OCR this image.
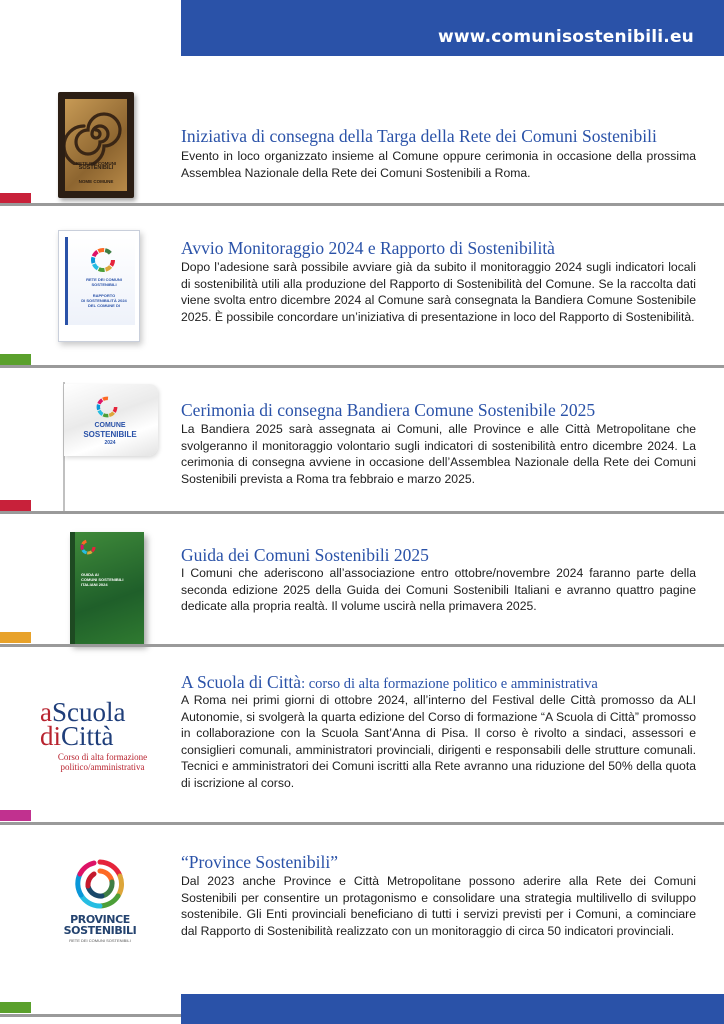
www.comunisostenibili.eu
RETE DEI COMUNI
SOSTENIBILI
NOME COMUNE
Iniziativa di consegna della Targa della Rete dei Comuni Sostenibili
Evento in loco organizzato insieme al Comune oppure cerimonia in occasione della prossima Assemblea Nazionale della Rete dei Comuni Sostenibili a Roma.
RETE DEI COMUNI
SOSTENIBILI
RAPPORTO
DI SOSTENIBILITÀ 2024
DEL COMUNE DI
Avvio Monitoraggio 2024 e Rapporto di Sostenibilità
Dopo l’adesione sarà possibile avviare già da subito il monitoraggio 2024 sugli indicatori locali di sostenibilità utili alla produzione del Rapporto di Sostenibilità del Comune. Se la raccolta dati viene svolta entro dicembre 2024 al Comune sarà consegnata la Bandiera Comune Sostenibile 2025. È possibile concordare un’iniziativa di presentazione in loco del Rapporto di Sostenibilità.
COMUNE
SOSTENIBILE
2024
Cerimonia di consegna Bandiera Comune Sostenibile 2025
La Bandiera 2025 sarà assegnata ai Comuni, alle Province e alle Città Metropolitane che svolgeranno il monitoraggio volontario sugli indicatori di sostenibilità entro dicembre 2024. La cerimonia di consegna avviene in occasione dell’Assemblea Nazionale della Rete dei Comuni Sostenibili prevista a Roma tra febbraio e marzo 2025.
GUIDA AI
COMUNI SOSTENIBILI
ITALIANI 2024
Guida dei Comuni Sostenibili 2025
I Comuni che aderiscono all’associazione entro ottobre/novembre 2024 faranno parte della seconda edizione 2025 della Guida dei Comuni Sostenibili Italiani e avranno quattro pagine dedicate alla propria realtà. Il volume uscirà nella primavera 2025.
aScuola
diCittà
Corso di alta formazione
politico/amministrativa
A Scuola di Città: corso di alta formazione politico e amministrativa
A Roma nei primi giorni di ottobre 2024, all’interno del Festival delle Città promosso da ALI Autonomie, si svolgerà la quarta edizione del Corso di formazione “A Scuola di Città” promosso in collaborazione con la Scuola Sant’Anna di Pisa. Il corso è rivolto a sindaci, assessori e consiglieri comunali, amministratori provinciali, dirigenti e responsabili delle strutture comunali. Tecnici e amministratori dei Comuni iscritti alla Rete avranno una riduzione del 50% della quota di iscrizione al corso.
PROVINCE
SOSTENIBILI
RETE DEI COMUNI SOSTENIBILI
“Province Sostenibili”
Dal 2023 anche Province e Città Metropolitane possono aderire alla Rete dei Comuni Sostenibili per consentire un protagonismo e consolidare una strategia multilivello di sviluppo sostenibile. Gli Enti provinciali beneficiano di tutti i servizi previsti per i Comuni, a cominciare dal Rapporto di Sostenibilità realizzato con un monitoraggio di circa 50 indicatori provinciali.
